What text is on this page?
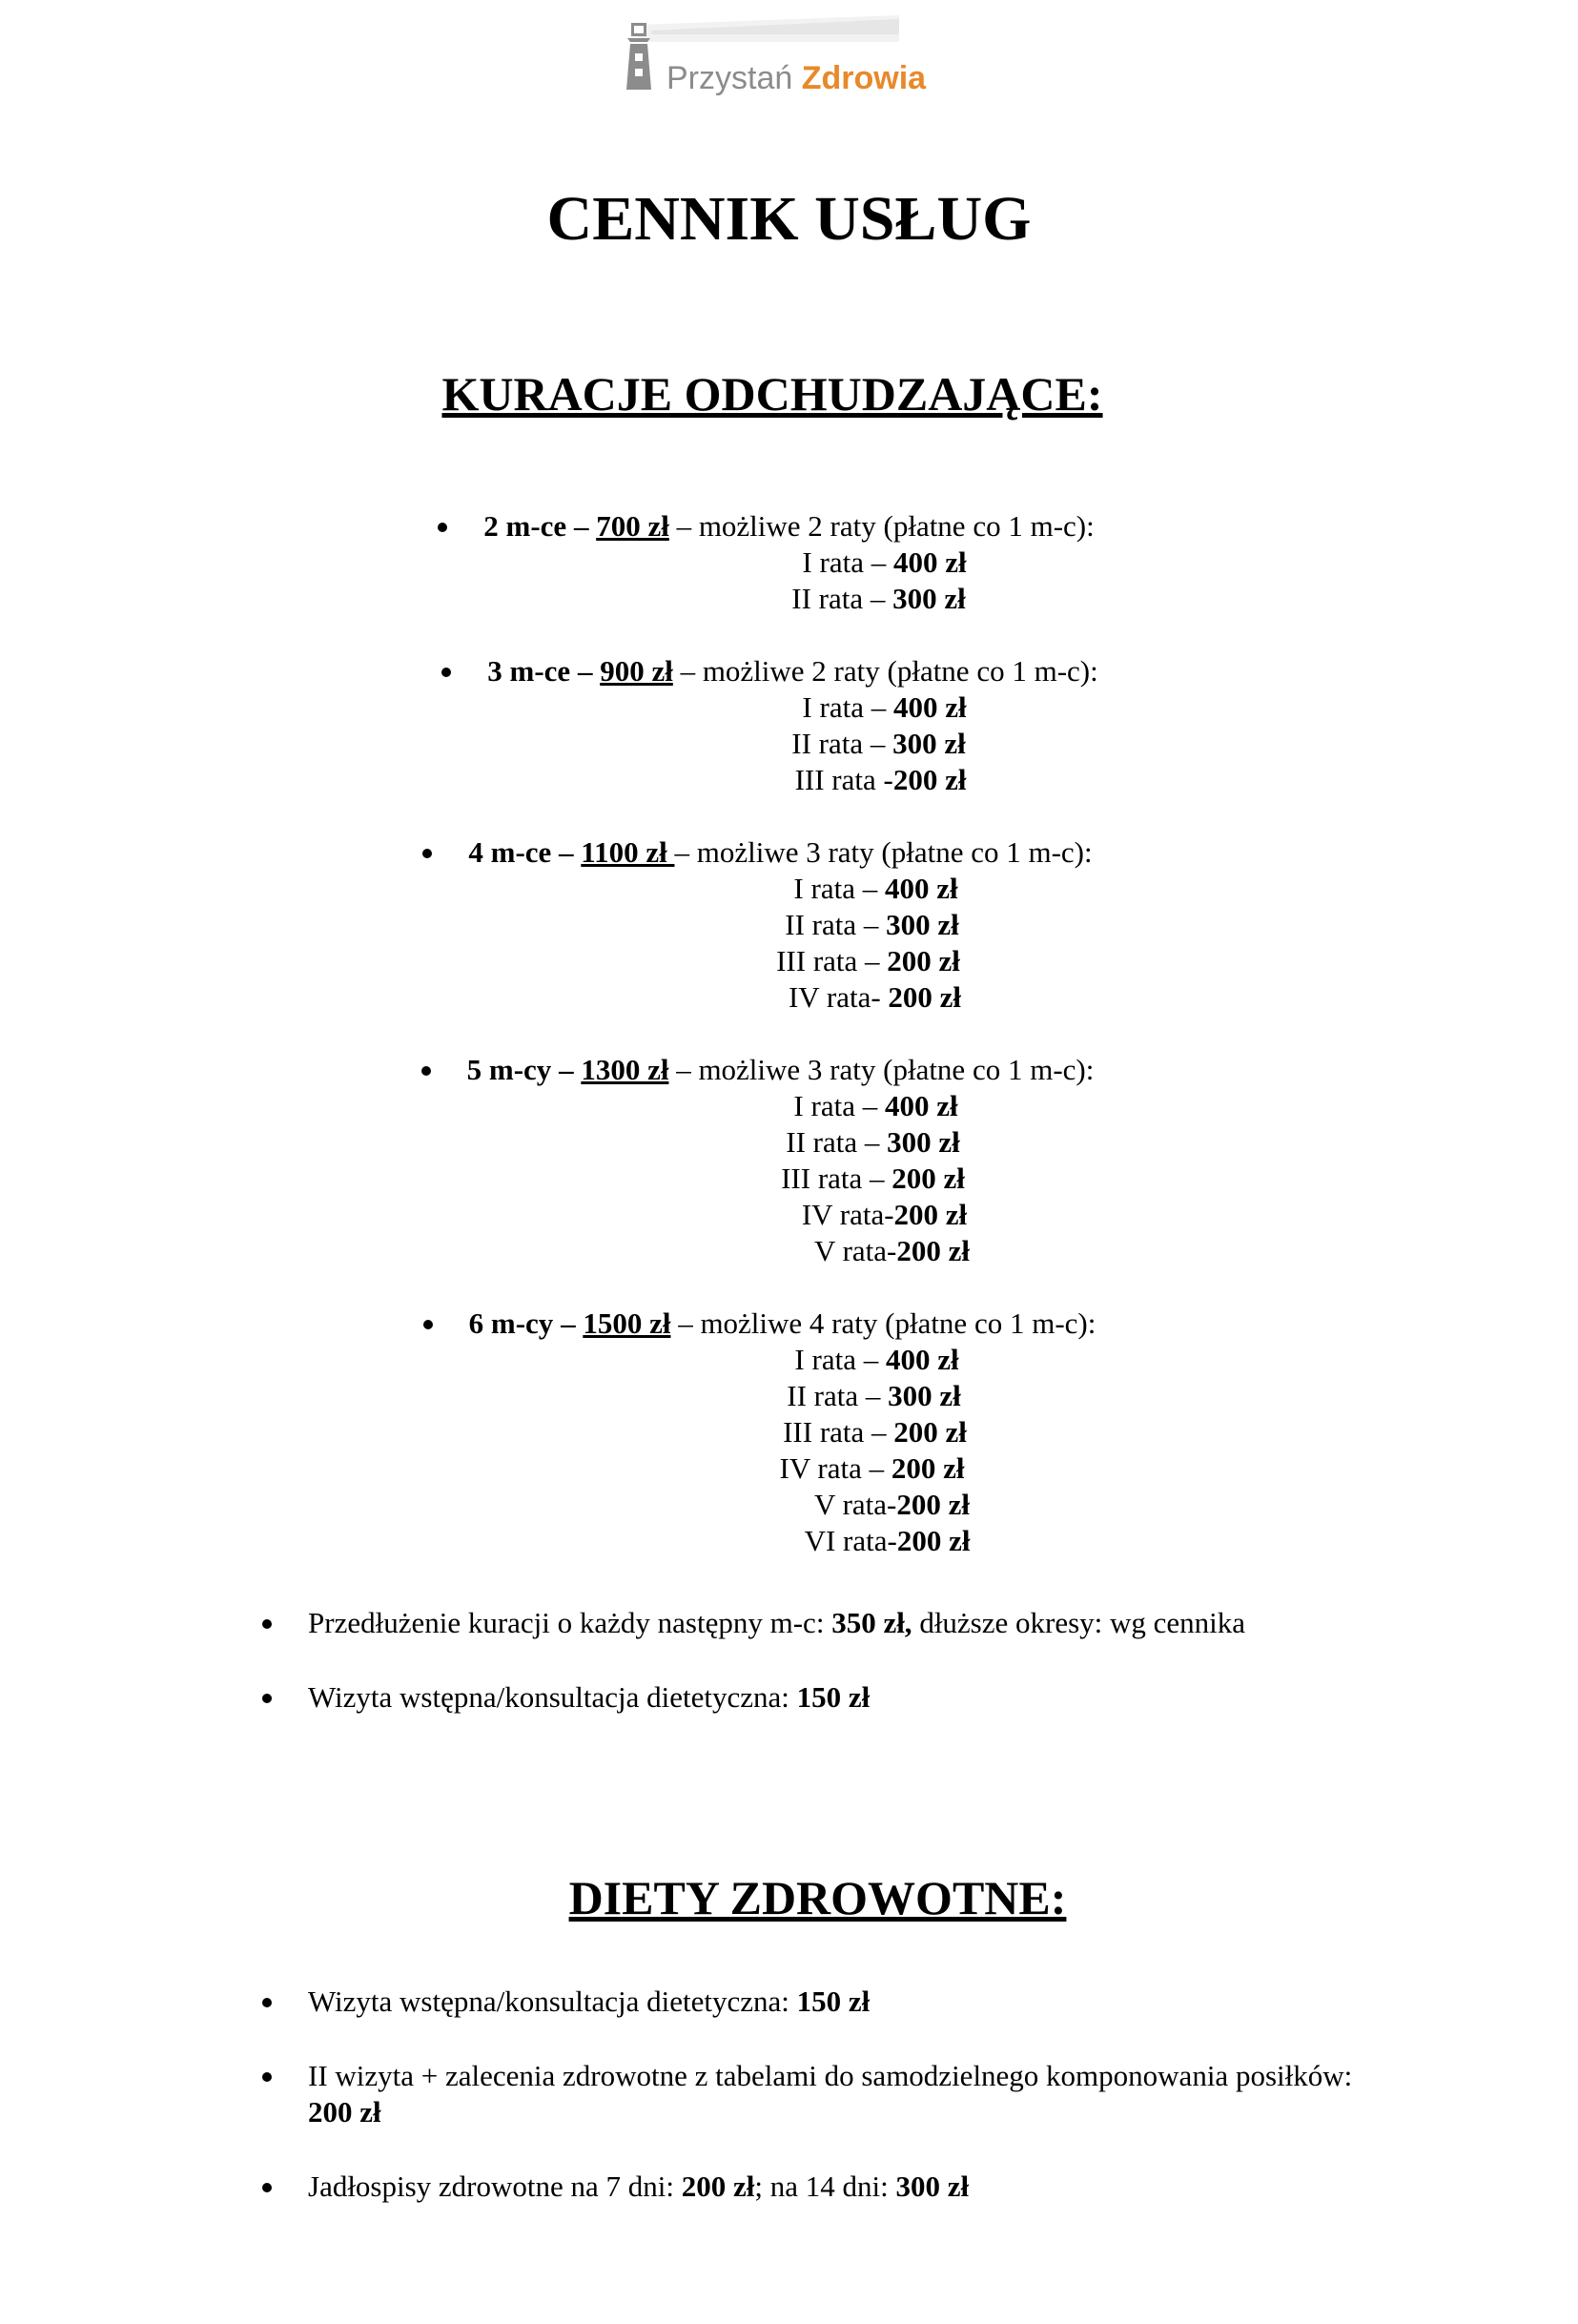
Przystań Zdrowia
CENNIK USŁUG
KURACJE ODCHUDZAJĄCE:
2 m-ce – 700 zł – możliwe 2 raty (płatne co 1 m-c):
I rata – 400 zł
II rata – 300 zł
3 m-ce – 900 zł – możliwe 2 raty (płatne co 1 m-c):
I rata – 400 zł
II rata – 300 zł
III rata -200 zł
4 m-ce – 1100 zł – możliwe 3 raty (płatne co 1 m-c):
I rata – 400 zł
II rata – 300 zł
III rata – 200 zł
IV rata- 200 zł
5 m-cy – 1300 zł – możliwe 3 raty (płatne co 1 m-c):
I rata – 400 zł
II rata – 300 zł
III rata – 200 zł
IV rata-200 zł
V rata-200 zł
6 m-cy – 1500 zł – możliwe 4 raty (płatne co 1 m-c):
I rata – 400 zł
II rata – 300 zł
III rata – 200 zł
IV rata – 200 zł
V rata-200 zł
VI rata-200 zł
Przedłużenie kuracji o każdy następny m-c: 350 zł, dłuższe okresy: wg cennika
Wizyta wstępna/konsultacja dietetyczna: 150 zł
DIETY ZDROWOTNE:
Wizyta wstępna/konsultacja dietetyczna: 150 zł
II wizyta + zalecenia zdrowotne z tabelami do samodzielnego komponowania posiłków: 200 zł
Jadłospisy zdrowotne na 7 dni: 200 zł; na 14 dni: 300 zł
